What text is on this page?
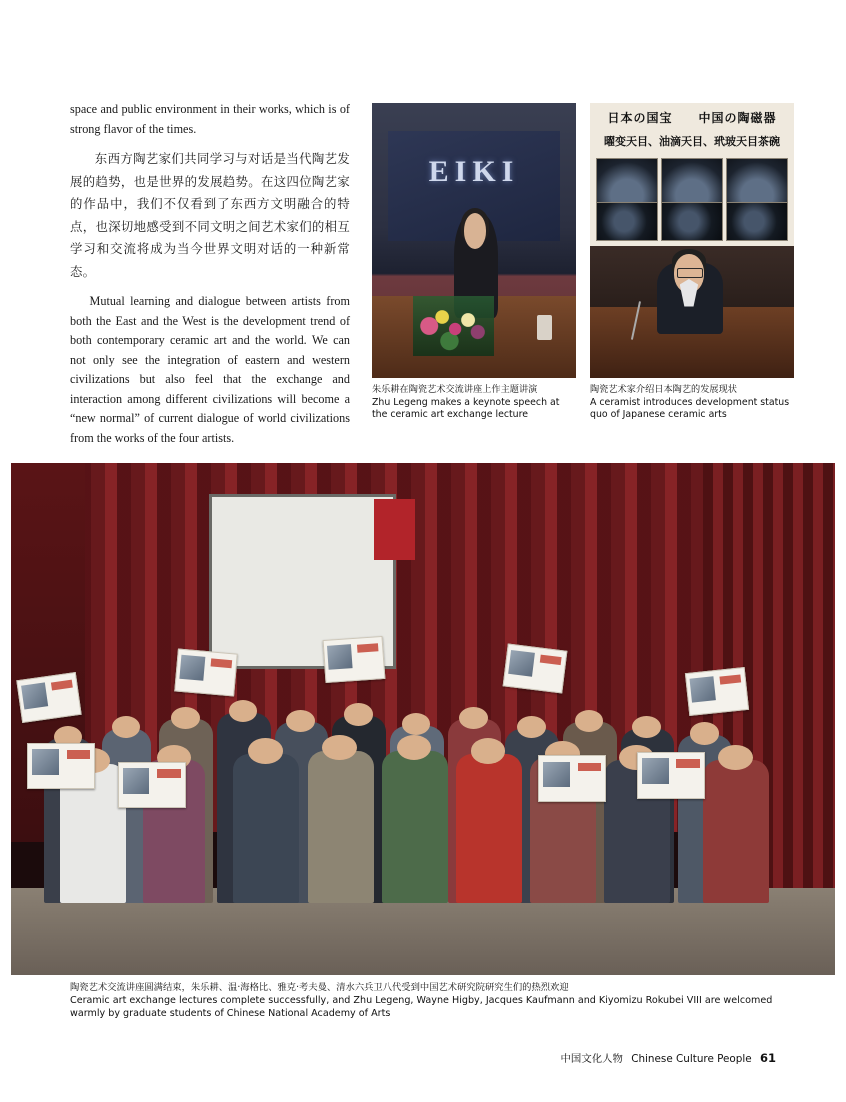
space and public environment in their works, which is of strong flavor of the times.

东西方陶艺家们共同学习与对话是当代陶艺发展的趋势，也是世界的发展趋势。在这四位陶艺家的作品中，我们不仅看到了东西方文明融合的特点，也深切地感受到不同文明之间艺术家们的相互学习和交流将成为当今世界文明对话的一种新常态。

Mutual learning and dialogue between artists from both the East and the West is the development trend of both contemporary ceramic art and the world. We can not only see the integration of eastern and western civilizations but also feel that the exchange and interaction among different civilizations will become a “new normal” of current dialogue of world civilizations from the works of the four artists.

EIKI

朱乐耕在陶瓷艺术交流讲座上作主题讲演

Zhu Legeng makes a keynote speech at the ceramic art exchange lecture

日本の国宝　　中国の陶磁器
曜变天目、油滴天目、玳玻天目茶碗

陶瓷艺术家介绍日本陶艺的发展现状

A ceramist introduces development status quo of Japanese ceramic arts

陶瓷艺术交流讲座圆满结束，朱乐耕、温·海格比、雅克·考夫曼、清水六兵卫八代受到中国艺术研究院研究生们的热烈欢迎

Ceramic art exchange lectures complete successfully, and Zhu Legeng, Wayne Higby, Jacques Kaufmann and Kiyomizu Rokubei VIII are welcomed warmly by graduate students of Chinese National Academy of Arts

中国文化人物 Chinese Culture People 61
